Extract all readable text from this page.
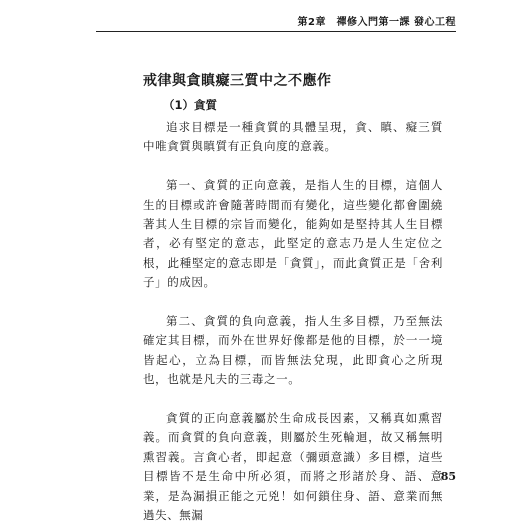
第2章　禪修入門第一課 發心工程
戒律與貪瞋癡三質中之不應作
（1）貪質

追求目標是一種貪質的具體呈現，貪、瞋、癡三質中唯貪質與瞋質有正負向度的意義。

第一、貪質的正向意義，是指人生的目標，這個人生的目標或許會隨著時間而有變化，這些變化都會圍繞著其人生目標的宗旨而變化，能夠如是堅持其人生目標者，必有堅定的意志，此堅定的意志乃是人生定位之根，此種堅定的意志即是「貪質」，而此貪質正是「舍利子」的成因。

第二、貪質的負向意義，指人生多目標，乃至無法確定其目標，而外在世界好像都是他的目標，於一一境皆起心，立為目標，而皆無法兌現，此即貪心之所現也，也就是凡夫的三毒之一。

貪質的正向意義屬於生命成長因素，又稱真如熏習義。而貪質的負向意義，則屬於生死輪迴，故又稱無明熏習義。言貪心者，即起意（彌頭意識）多目標，這些目標皆不是生命中所必須，而將之形諸於身、語、意業，是為漏損正能之元兇！如何鎖住身、語、意業而無過失、無漏

85
